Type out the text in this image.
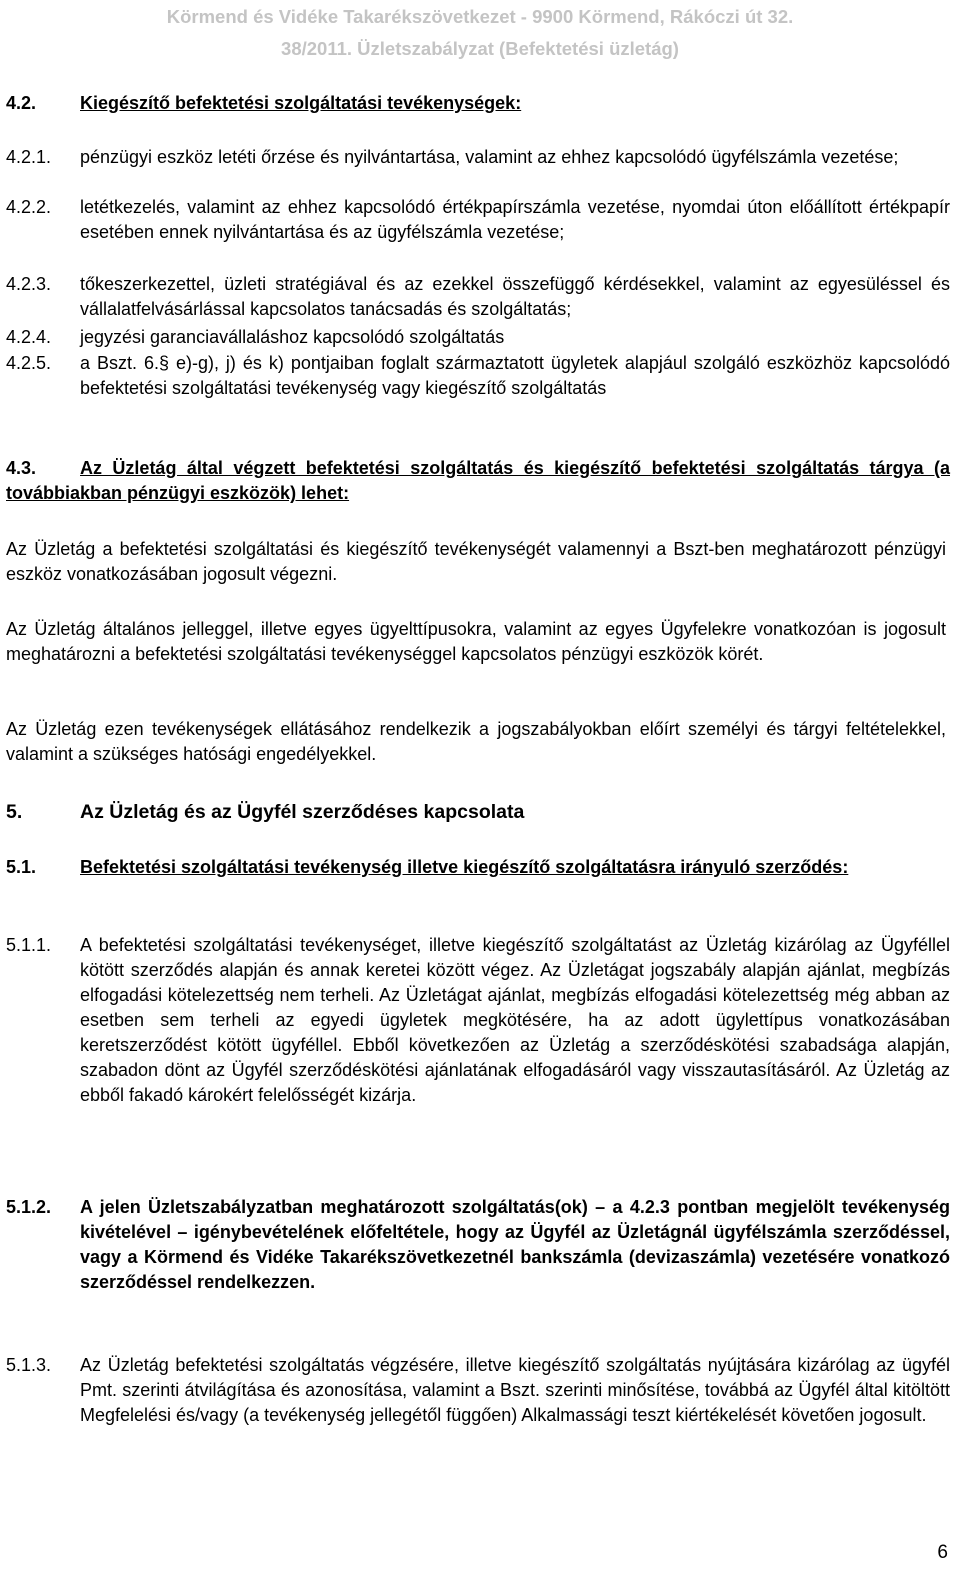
Körmend és Vidéke Takarékszövetkezet - 9900 Körmend, Rákóczi út 32.
38/2011. Üzletszabályzat (Befektetési üzletág)
4.2. Kiegészítő befektetési szolgáltatási tevékenységek:
4.2.1.	pénzügyi eszköz letéti őrzése és nyilvántartása, valamint az ehhez kapcsolódó ügyfélszámla vezetése;
4.2.2. letétkezelés, valamint az ehhez kapcsolódó értékpapírszámla vezetése, nyomdai úton előállított értékpapír esetében ennek nyilvántartása és az ügyfélszámla vezetése;
4.2.3. tőkeszerkezettel, üzleti stratégiával és az ezekkel összefüggő kérdésekkel, valamint az egyesüléssel és vállalatfelvásárlással kapcsolatos tanácsadás és szolgáltatás;
4.2.4. jegyzési garanciavállaláshoz kapcsolódó szolgáltatás
4.2.5. a Bszt. 6.§ e)-g), j) és k) pontjaiban foglalt származtatott ügyletek alapjául szolgáló eszközhöz kapcsolódó befektetési szolgáltatási tevékenység vagy kiegészítő szolgáltatás
Az Üzletág által végzett befektetési szolgáltatás és kiegészítő befektetési szolgáltatás tárgya (a továbbiakban pénzügyi eszközök) lehet:
4.3.
Az Üzletág a befektetési szolgáltatási és kiegészítő tevékenységét valamennyi a Bszt-ben meghatározott pénzügyi eszköz vonatkozásában jogosult végezni.
Az Üzletág általános jelleggel, illetve egyes ügyelttípusokra, valamint az egyes Ügyfelekre vonatkozóan is jogosult meghatározni a befektetési szolgáltatási tevékenységgel kapcsolatos pénzügyi eszközök körét.
Az Üzletág ezen tevékenységek ellátásához rendelkezik a jogszabályokban előírt személyi és tárgyi feltételekkel, valamint a szükséges hatósági engedélyekkel.
5.	Az Üzletág és az Ügyfél szerződéses kapcsolata
5.1. Befektetési szolgáltatási tevékenység illetve kiegészítő szolgáltatásra irányuló szerződés:
5.1.1. A befektetési szolgáltatási tevékenységet, illetve kiegészítő szolgáltatást az Üzletág kizárólag az Ügyféllel kötött szerződés alapján és annak keretei között végez. Az Üzletágat jogszabály alapján ajánlat, megbízás elfogadási kötelezettség nem terheli. Az Üzletágat ajánlat, megbízás elfogadási kötelezettség még abban az esetben sem terheli az egyedi ügyletek megkötésére, ha az adott ügylettípus vonatkozásában keretszerződést kötött ügyféllel. Ebből következően az Üzletág a szerződéskötési szabadsága alapján, szabadon dönt az Ügyfél szerződéskötési ajánlatának elfogadásáról vagy visszautasításáról. Az Üzletág az ebből fakadó károkért felelősségét kizárja.
5.1.2. A jelen Üzletszabályzatban meghatározott szolgáltatás(ok) – a 4.2.3 pontban megjelölt tevékenység kivételével – igénybevételének előfeltétele, hogy az Ügyfél az Üzletágnál ügyfélszámla szerződéssel, vagy a Körmend és Vidéke Takarékszövetkezetnél bankszámla (devizaszámla) vezetésére vonatkozó szerződéssel rendelkezzen.
5.1.3. Az Üzletág befektetési szolgáltatás végzésére, illetve kiegészítő szolgáltatás nyújtására kizárólag az ügyfél Pmt. szerinti átvilágítása és azonosítása, valamint a Bszt. szerinti minősítése, továbbá az Ügyfél által kitöltött Megfelelési és/vagy (a tevékenység jellegétől függően) Alkalmassági teszt kiértékelését követően jogosult.
6
